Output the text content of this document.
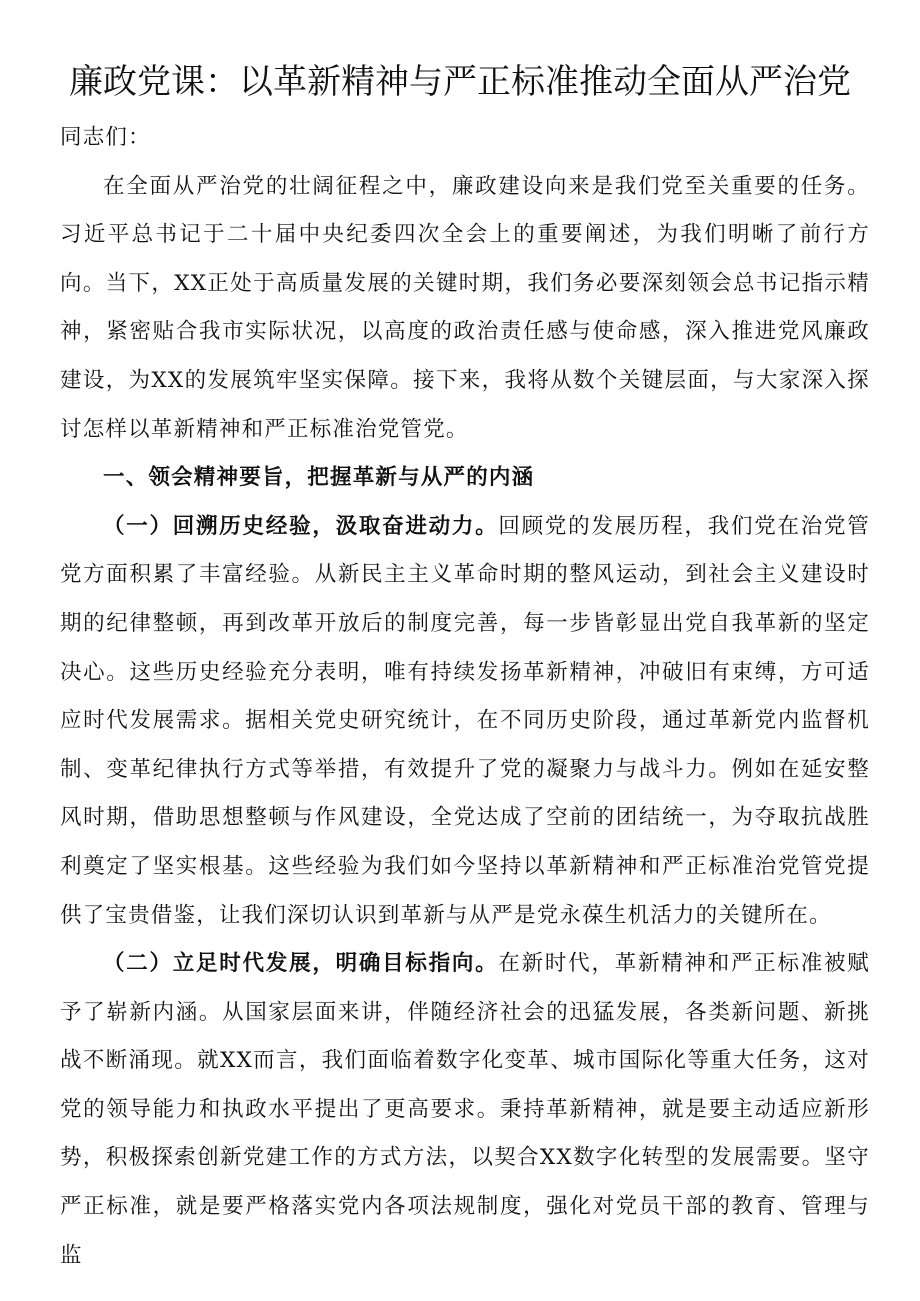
廉政党课：以革新精神与严正标准推动全面从严治党

同志们：

在全面从严治党的壮阔征程之中，廉政建设向来是我们党至关重要的任务。习近平总书记于二十届中央纪委四次全会上的重要阐述，为我们明晰了前行方向。当下，XX正处于高质量发展的关键时期，我们务必要深刻领会总书记指示精神，紧密贴合我市实际状况，以高度的政治责任感与使命感，深入推进党风廉政建设，为XX的发展筑牢坚实保障。接下来，我将从数个关键层面，与大家深入探讨怎样以革新精神和严正标准治党管党。

一、领会精神要旨，把握革新与从严的内涵

（一）回溯历史经验，汲取奋进动力。回顾党的发展历程，我们党在治党管党方面积累了丰富经验。从新民主主义革命时期的整风运动，到社会主义建设时期的纪律整顿，再到改革开放后的制度完善，每一步皆彰显出党自我革新的坚定决心。这些历史经验充分表明，唯有持续发扬革新精神，冲破旧有束缚，方可适应时代发展需求。据相关党史研究统计，在不同历史阶段，通过革新党内监督机制、变革纪律执行方式等举措，有效提升了党的凝聚力与战斗力。例如在延安整风时期，借助思想整顿与作风建设，全党达成了空前的团结统一，为夺取抗战胜利奠定了坚实根基。这些经验为我们如今坚持以革新精神和严正标准治党管党提供了宝贵借鉴，让我们深切认识到革新与从严是党永葆生机活力的关键所在。

（二）立足时代发展，明确目标指向。在新时代，革新精神和严正标准被赋予了崭新内涵。从国家层面来讲，伴随经济社会的迅猛发展，各类新问题、新挑战不断涌现。就XX而言，我们面临着数字化变革、城市国际化等重大任务，这对党的领导能力和执政水平提出了更高要求。秉持革新精神，就是要主动适应新形势，积极探索创新党建工作的方式方法，以契合XX数字化转型的发展需要。坚守严正标准，就是要严格落实党内各项法规制度，强化对党员干部的教育、管理与监
